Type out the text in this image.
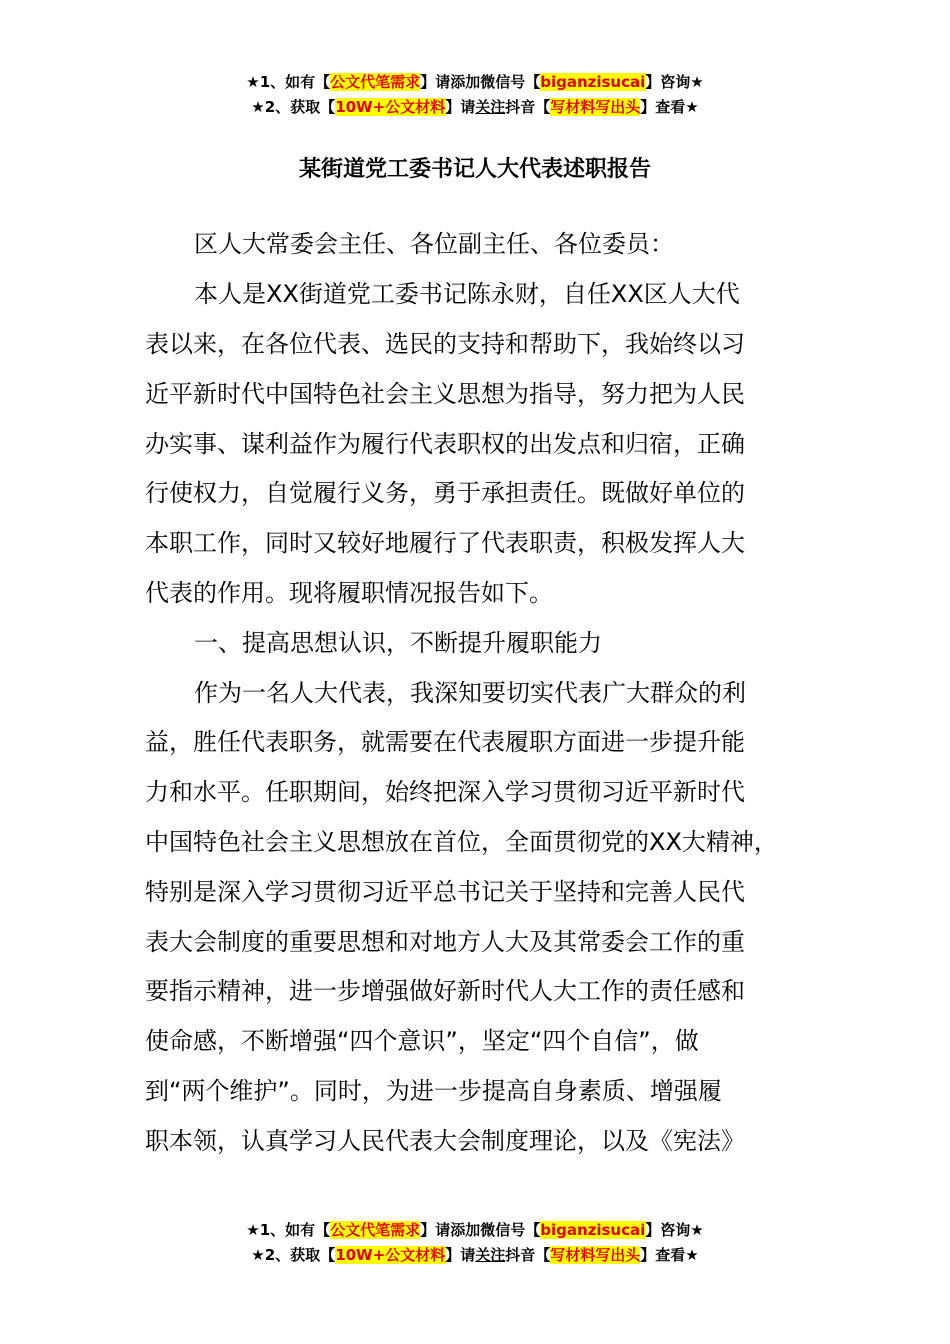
★1、如有【公文代笔需求】请添加微信号【biganzisucai】咨询★
★2、获取【10W+公文材料】请关注抖音【写材料写出头】查看★
某街道党工委书记人大代表述职报告
区人大常委会主任、各位副主任、各位委员：
本人是XX街道党工委书记陈永财，自任XX区人大代
表以来，在各位代表、选民的支持和帮助下，我始终以习
近平新时代中国特色社会主义思想为指导，努力把为人民
办实事、谋利益作为履行代表职权的出发点和归宿，正确
行使权力，自觉履行义务，勇于承担责任。既做好单位的
本职工作，同时又较好地履行了代表职责，积极发挥人大
代表的作用。现将履职情况报告如下。
一、提高思想认识，不断提升履职能力
作为一名人大代表，我深知要切实代表广大群众的利
益，胜任代表职务，就需要在代表履职方面进一步提升能
力和水平。任职期间，始终把深入学习贯彻习近平新时代
中国特色社会主义思想放在首位，全面贯彻党的XX大精神，
特别是深入学习贯彻习近平总书记关于坚持和完善人民代
表大会制度的重要思想和对地方人大及其常委会工作的重
要指示精神，进一步增强做好新时代人大工作的责任感和
使命感，不断增强“四个意识”，坚定“四个自信”，做
到“两个维护”。同时，为进一步提高自身素质、增强履
职本领，认真学习人民代表大会制度理论，以及《宪法》
★1、如有【公文代笔需求】请添加微信号【biganzisucai】咨询★
★2、获取【10W+公文材料】请关注抖音【写材料写出头】查看★
